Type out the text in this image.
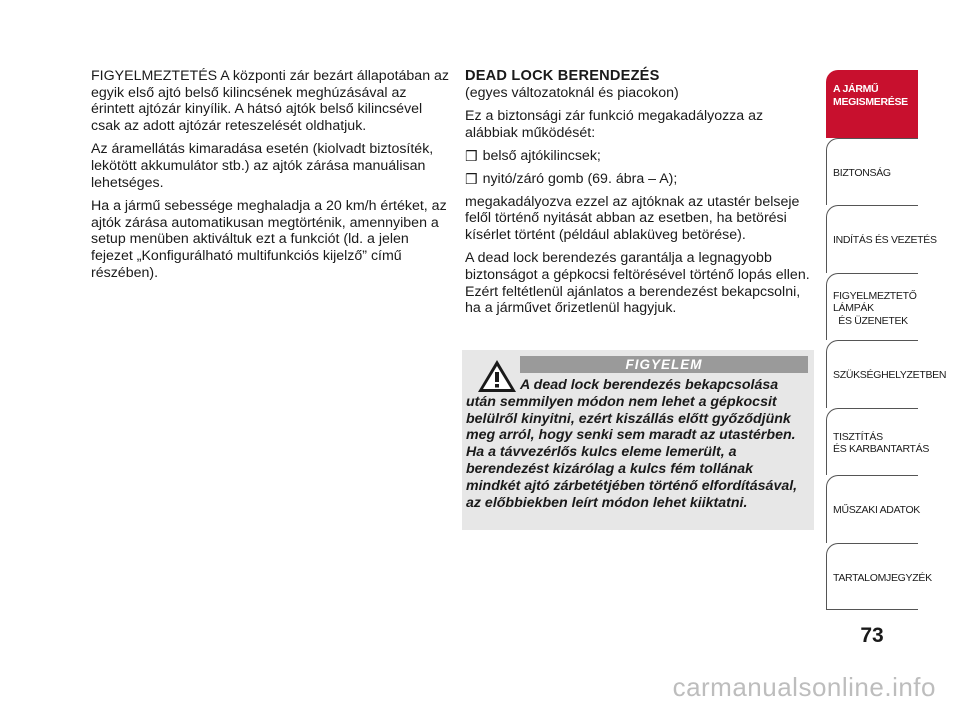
FIGYELMEZTETÉS A központi zár bezárt állapotában az egyik első ajtó belső kilincsének meghúzásával az érintett ajtózár kinyílik. A hátsó ajtók belső kilincsével csak az adott ajtózár reteszelését oldhatjuk.

Az áramellátás kimaradása esetén (kiolvadt biztosíték, lekötött akkumulátor stb.) az ajtók zárása manuálisan lehetséges.

Ha a jármű sebessége meghaladja a 20 km/h értéket, az ajtók zárása automatikusan megtörténik, amennyiben a setup menüben aktiváltuk ezt a funkciót (ld. a jelen fejezet „Konfigurálható multifunkciós kijelző” című részében).

DEAD LOCK BERENDEZÉS

(egyes változatoknál és piacokon)

Ez a biztonsági zár funkció megakadályozza az alábbiak működését:

❒ belső ajtókilincsek;
❒ nyitó/záró gomb (69. ábra – A);

megakadályozva ezzel az ajtóknak az utastér belseje felől történő nyitását abban az esetben, ha betörési kísérlet történt (például ablaküveg betörése).

A dead lock berendezés garantálja a legnagyobb biztonságot a gépkocsi feltörésével történő lopás ellen. Ezért feltétlenül ajánlatos a berendezést bekapcsolni, ha a járművet őrizetlenül hagyjuk.

FIGYELEM
A dead lock berendezés bekapcsolása után semmilyen módon nem lehet a gépkocsit belülről kinyitni, ezért kiszállás előtt győződjünk meg arról, hogy senki sem maradt az utastérben. Ha a távvezérlős kulcs eleme lemerült, a berendezést kizárólag a kulcs fém tollának mindkét ajtó zárbetétjében történő elfordításával, az előbbiekben leírt módon lehet kiiktatni.
A JÁRMŰ
MEGISMERÉSE
BIZTONSÁG
INDÍTÁS ÉS VEZETÉS
FIGYELMEZTETŐ
LÁMPÁK
ÉS ÜZENETEK
SZÜKSÉGHELYZETBEN
TISZTÍTÁS
ÉS KARBANTARTÁS
MŰSZAKI ADATOK
TARTALOMJEGYZÉK
73
carmanualsonline.info
